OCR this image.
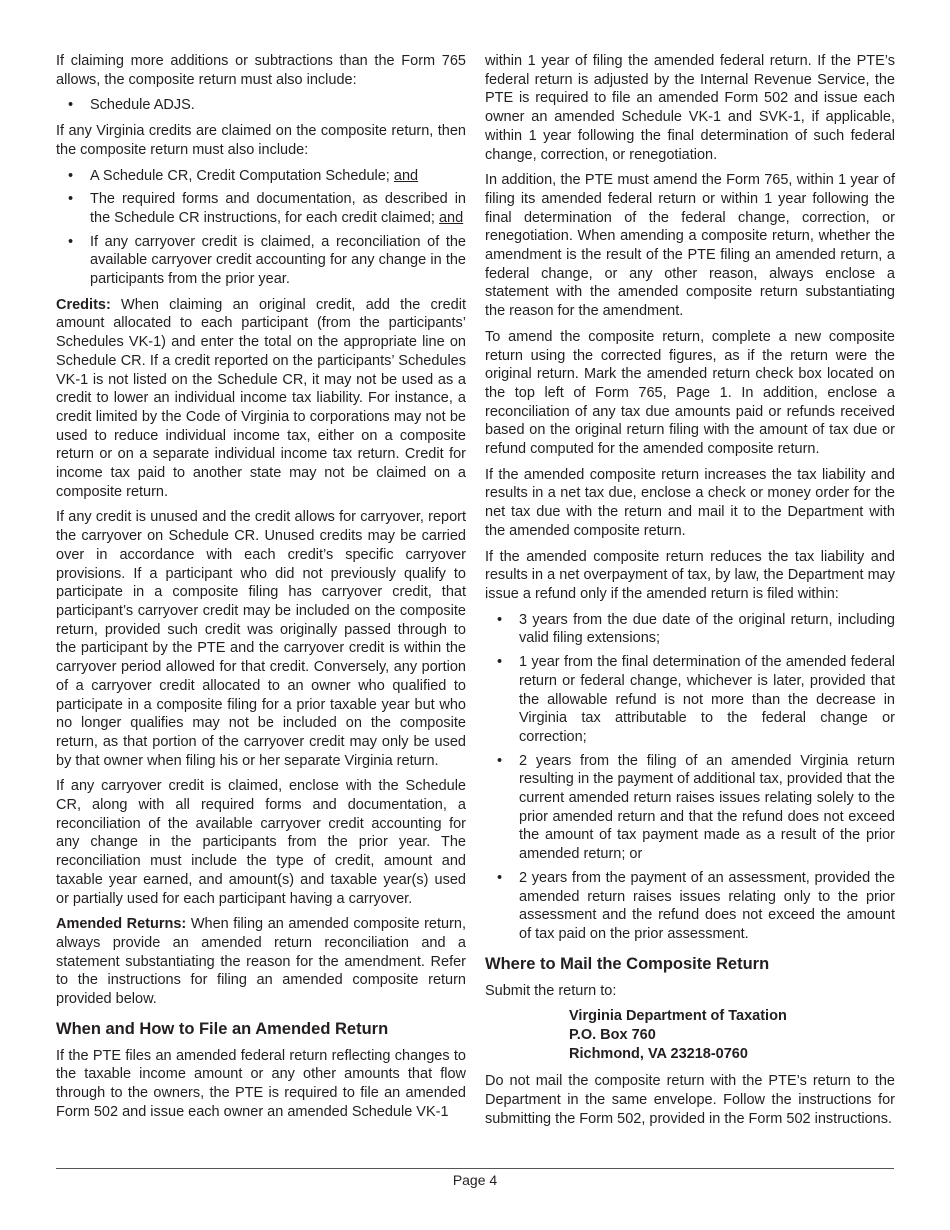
If claiming more additions or subtractions than the Form 765 allows, the composite return must also include:

• Schedule ADJS.

If any Virginia credits are claimed on the composite return, then the composite return must also include:

• A Schedule CR, Credit Computation Schedule; and
• The required forms and documentation, as described in the Schedule CR instructions, for each credit claimed; and
• If any carryover credit is claimed, a reconciliation of the available carryover credit accounting for any change in the participants from the prior year.

Credits: When claiming an original credit, add the credit amount allocated to each participant (from the participants’ Schedules VK-1) and enter the total on the appropriate line on Schedule CR. If a credit reported on the participants’ Schedules VK-1 is not listed on the Schedule CR, it may not be used as a credit to lower an individual income tax liability. For instance, a credit limited by the Code of Virginia to corporations may not be used to reduce individual income tax, either on a composite return or on a separate individual income tax return. Credit for income tax paid to another state may not be claimed on a composite return.

If any credit is unused and the credit allows for carryover, report the carryover on Schedule CR. Unused credits may be carried over in accordance with each credit’s specific carryover provisions. If a participant who did not previously qualify to participate in a composite filing has carryover credit, that participant’s carryover credit may be included on the composite return, provided such credit was originally passed through to the participant by the PTE and the carryover credit is within the carryover period allowed for that credit. Conversely, any portion of a carryover credit allocated to an owner who qualified to participate in a composite filing for a prior taxable year but who no longer qualifies may not be included on the composite return, as that portion of the carryover credit may only be used by that owner when filing his or her separate Virginia return.

If any carryover credit is claimed, enclose with the Schedule CR, along with all required forms and documentation, a reconciliation of the available carryover credit accounting for any change in the participants from the prior year. The reconciliation must include the type of credit, amount and taxable year earned, and amount(s) and taxable year(s) used or partially used for each participant having a carryover.

Amended Returns: When filing an amended composite return, always provide an amended return reconciliation and a statement substantiating the reason for the amendment. Refer to the instructions for filing an amended composite return provided below.

When and How to File an Amended Return

If the PTE files an amended federal return reflecting changes to the taxable income amount or any other amounts that flow through to the owners, the PTE is required to file an amended Form 502 and issue each owner an amended Schedule VK-1

within 1 year of filing the amended federal return. If the PTE’s federal return is adjusted by the Internal Revenue Service, the PTE is required to file an amended Form 502 and issue each owner an amended Schedule VK-1 and SVK-1, if applicable, within 1 year following the final determination of such federal change, correction, or renegotiation.

In addition, the PTE must amend the Form 765, within 1 year of filing its amended federal return or within 1 year following the final determination of the federal change, correction, or renegotiation. When amending a composite return, whether the amendment is the result of the PTE filing an amended return, a federal change, or any other reason, always enclose a statement with the amended composite return substantiating the reason for the amendment.

To amend the composite return, complete a new composite return using the corrected figures, as if the return were the original return. Mark the amended return check box located on the top left of Form 765, Page 1. In addition, enclose a reconciliation of any tax due amounts paid or refunds received based on the original return filing with the amount of tax due or refund computed for the amended composite return.

If the amended composite return increases the tax liability and results in a net tax due, enclose a check or money order for the net tax due with the return and mail it to the Department with the amended composite return.

If the amended composite return reduces the tax liability and results in a net overpayment of tax, by law, the Department may issue a refund only if the amended return is filed within:

• 3 years from the due date of the original return, including valid filing extensions;
• 1 year from the final determination of the amended federal return or federal change, whichever is later, provided that the allowable refund is not more than the decrease in Virginia tax attributable to the federal change or correction;
• 2 years from the filing of an amended Virginia return resulting in the payment of additional tax, provided that the current amended return raises issues relating solely to the prior amended return and that the refund does not exceed the amount of tax payment made as a result of the prior amended return; or
• 2 years from the payment of an assessment, provided the amended return raises issues relating only to the prior assessment and the refund does not exceed the amount of tax paid on the prior assessment.
Where to Mail the Composite Return

Submit the return to:

Virginia Department of Taxation
P.O. Box 760
Richmond, VA 23218-0760

Do not mail the composite return with the PTE’s return to the Department in the same envelope. Follow the instructions for submitting the Form 502, provided in the Form 502 instructions.

Page 4
